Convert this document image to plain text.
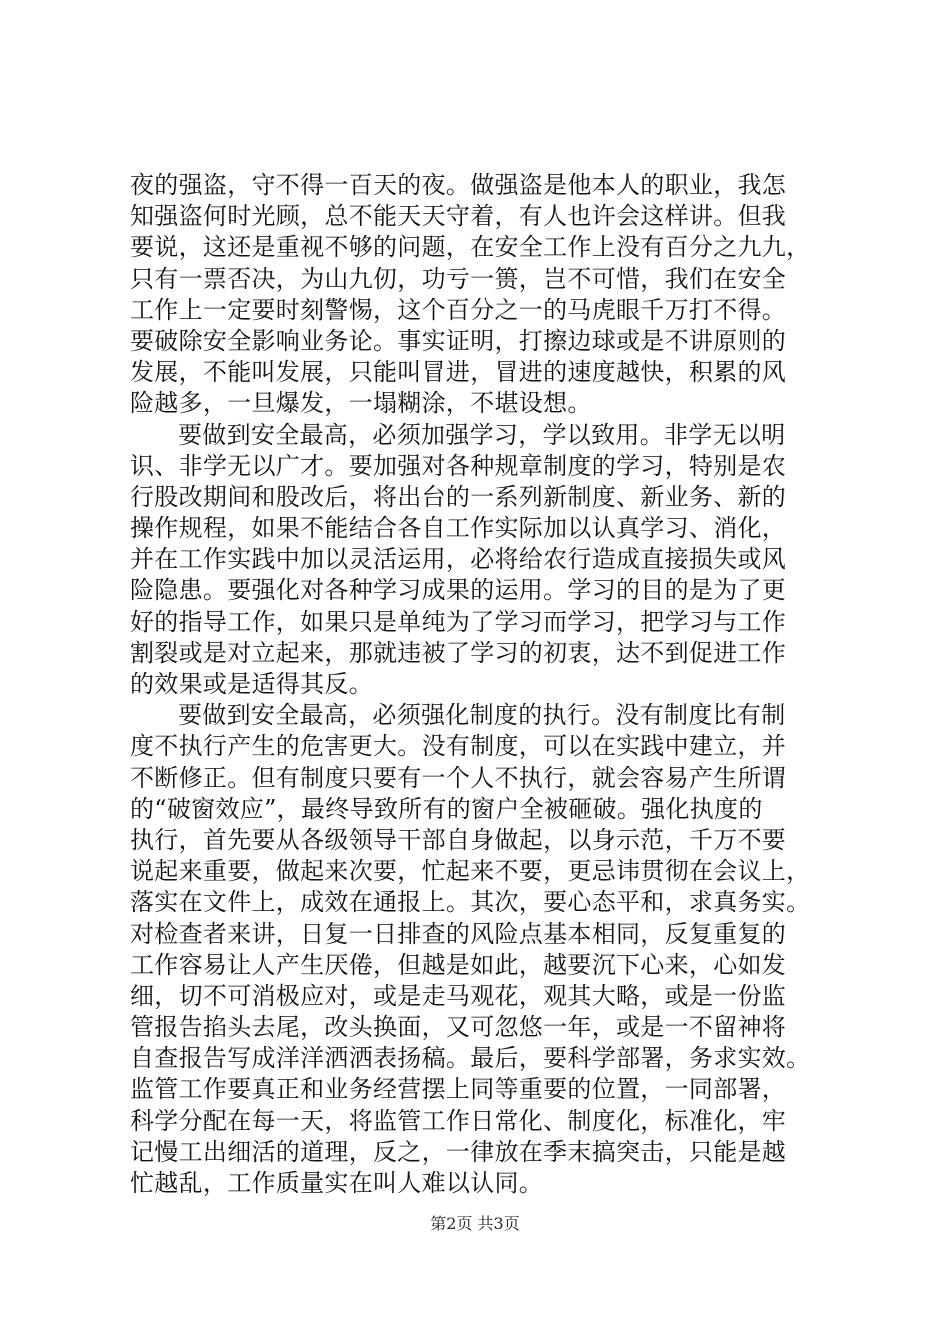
夜的强盗，守不得一百天的夜。做强盗是他本人的职业，我怎
知强盗何时光顾，总不能天天守着，有人也许会这样讲。但我
要说，这还是重视不够的问题，在安全工作上没有百分之九九，
只有一票否决，为山九仞，功亏一篑，岂不可惜，我们在安全
工作上一定要时刻警惕，这个百分之一的马虎眼千万打不得。
要破除安全影响业务论。事实证明，打擦边球或是不讲原则的
发展，不能叫发展，只能叫冒进，冒进的速度越快，积累的风
险越多，一旦爆发，一塌糊涂，不堪设想。
要做到安全最高，必须加强学习，学以致用。非学无以明
识、非学无以广才。要加强对各种规章制度的学习，特别是农
行股改期间和股改后，将出台的一系列新制度、新业务、新的
操作规程，如果不能结合各自工作实际加以认真学习、消化，
并在工作实践中加以灵活运用，必将给农行造成直接损失或风
险隐患。要强化对各种学习成果的运用。学习的目的是为了更
好的指导工作，如果只是单纯为了学习而学习，把学习与工作
割裂或是对立起来，那就违被了学习的初衷，达不到促进工作
的效果或是适得其反。
要做到安全最高，必须强化制度的执行。没有制度比有制
度不执行产生的危害更大。没有制度，可以在实践中建立，并
不断修正。但有制度只要有一个人不执行，就会容易产生所谓
的“破窗效应”，最终导致所有的窗户全被砸破。强化执度的
执行，首先要从各级领导干部自身做起，以身示范，千万不要
说起来重要，做起来次要，忙起来不要，更忌讳贯彻在会议上，
落实在文件上，成效在通报上。其次，要心态平和，求真务实。
对检查者来讲，日复一日排查的风险点基本相同，反复重复的
工作容易让人产生厌倦，但越是如此，越要沉下心来，心如发
细，切不可消极应对，或是走马观花，观其大略，或是一份监
管报告掐头去尾，改头换面，又可忽悠一年，或是一不留神将
自查报告写成洋洋洒洒表扬稿。最后，要科学部署，务求实效。
监管工作要真正和业务经营摆上同等重要的位置，一同部署，
科学分配在每一天，将监管工作日常化、制度化，标准化，牢
记慢工出细活的道理，反之，一律放在季末搞突击，只能是越
忙越乱，工作质量实在叫人难以认同。
第2页 共3页
